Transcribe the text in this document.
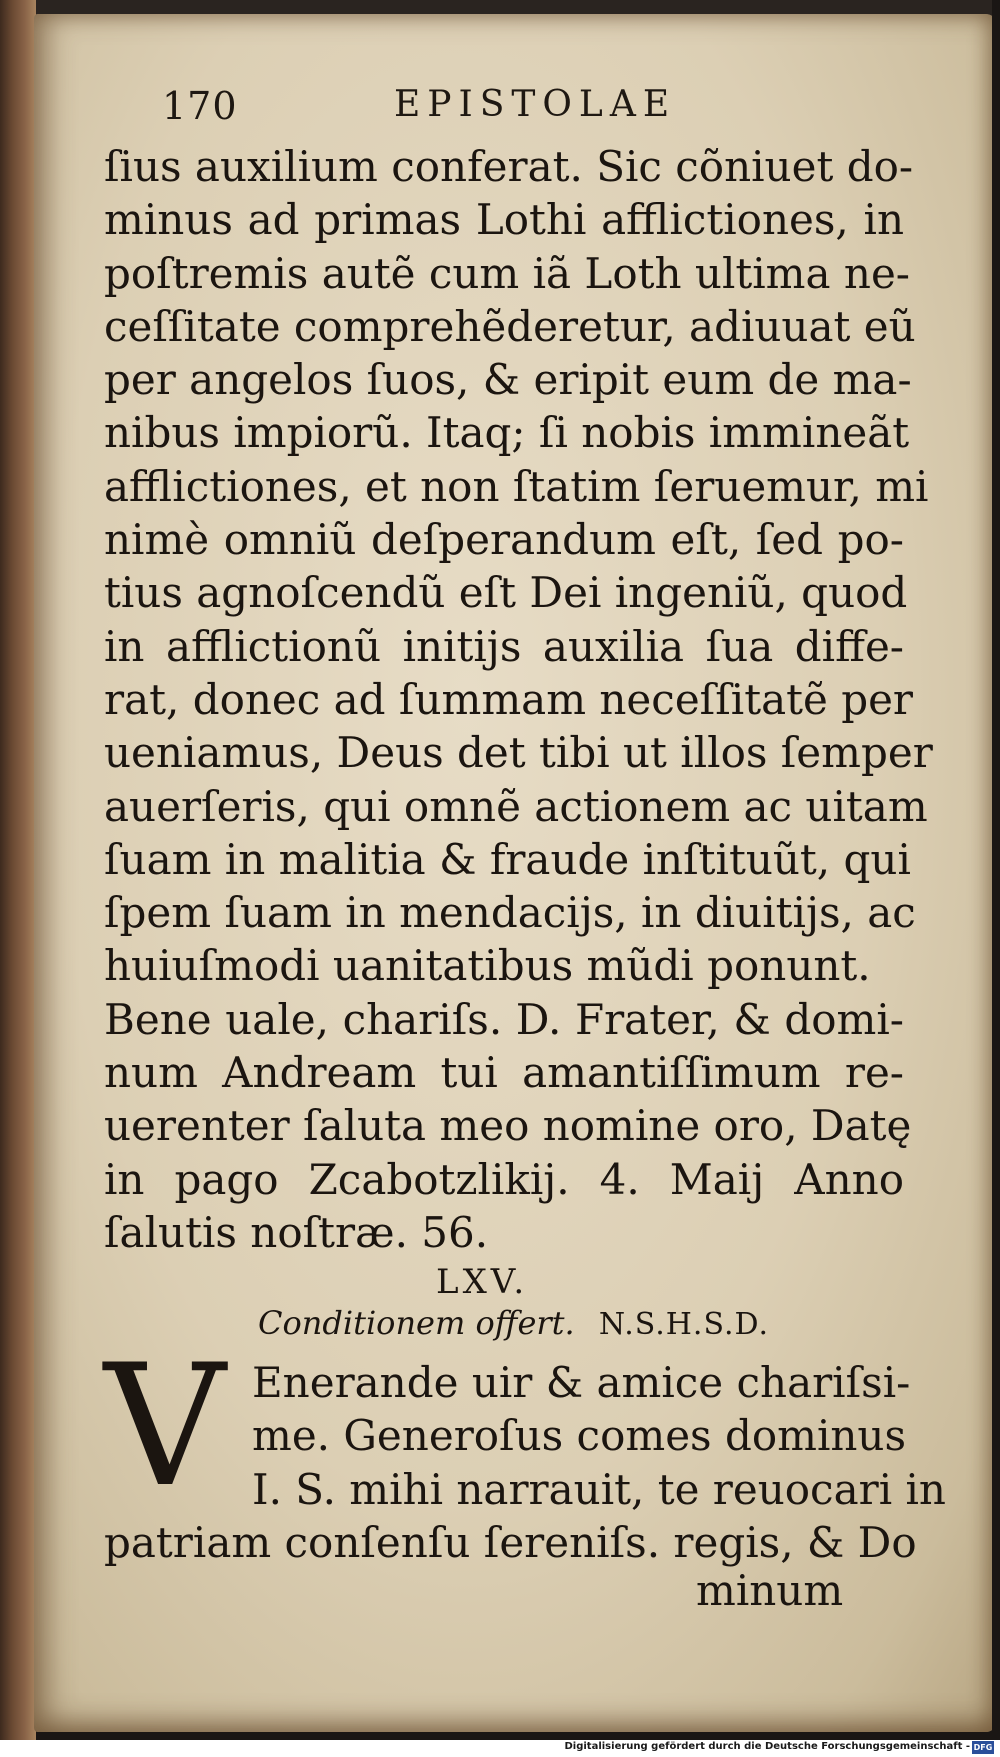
170	EPISTOLAE
ſius auxilium conferat. Sic cõniuet do-
minus ad primas Lothi afflictiones, in
poſtremis autẽ cum iã Loth ultima ne-
ceſſitate comprehẽderetur, adiuuat eũ
per angelos ſuos, & eripit eum de ma-
nibus impiorũ. Itaq; ſi nobis immineãt
afflictiones, et non ſtatim ſeruemur, mi
nimè omniũ deſperandum eſt, ſed po-
tius agnoſcendũ eſt Dei ingeniũ, quod
in afflictionũ initijs auxilia ſua diffe-
rat, donec ad ſummam neceſſitatẽ per
ueniamus, Deus det tibi ut illos ſemper
auerſeris, qui omnẽ actionem ac uitam
ſuam in malitia & fraude inſtituũt, qui
ſpem ſuam in mendacijs, in diuitijs, ac
huiuſmodi uanitatibus mũdi ponunt.
Bene uale, chariſs. D. Frater, & domi-
num Andream tui amantiſſimum re-
uerenter ſaluta meo nomine oro, Datę
in pago Zcabotzlikij. 4. Maij Anno
ſalutis noſtræ. 56.
LXV.
Conditionem offert. N.S.H.S.D.
V Enerande uir & amice chariſsi-
me. Generoſus comes dominus
I. S. mihi narrauit, te reuocari in
patriam conſenſu ſereniſs. regis, & Do
minum
Digitalisierung gefördert durch die Deutsche Forschungsgemeinschaft - DFG
